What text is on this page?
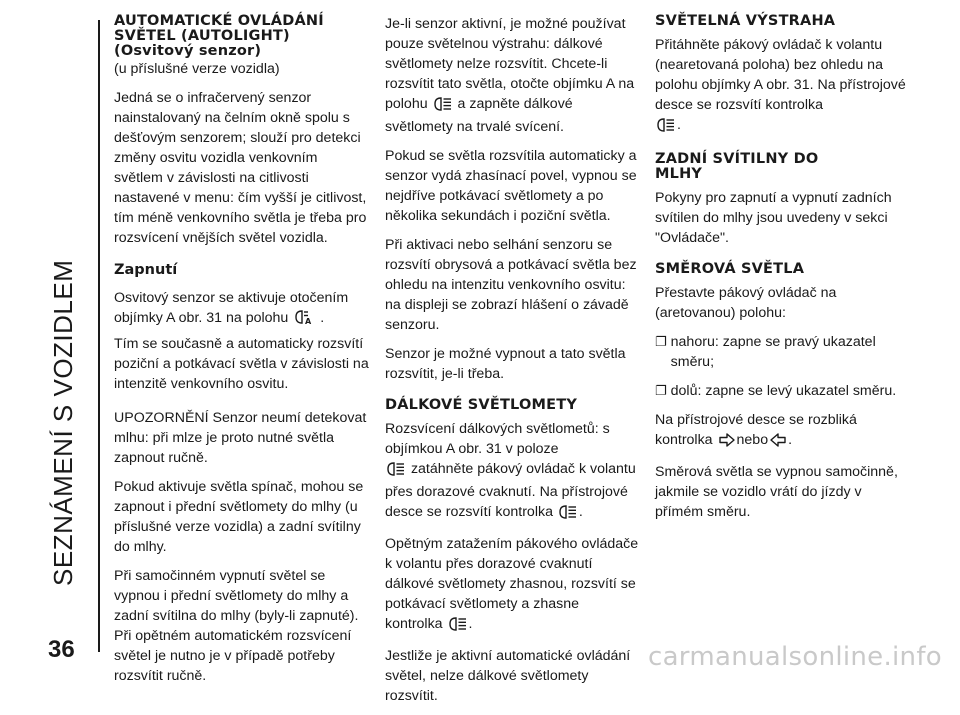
SEZNÁMENÍ S VOZIDLEM
36	carmanualsonline.info
AUTOMATICKÉ OVLÁDÁNÍ
SVĚTEL (AUTOLIGHT)
(Osvitový senzor)

(u příslušné verze vozidla)

Jedná se o infračervený senzor nainstalovaný na čelním okně spolu s dešťovým senzorem; slouží pro detekci změny osvitu vozidla venkovním světlem v závislosti na citlivosti nastavené v menu: čím vyšší je citlivost, tím méně venkovního světla je třeba pro rozsvícení vnějších světel vozidla.

Zapnutí

Osvitový senzor se aktivuje otočením objímky A obr. 31 na polohu A .

Tím se současně a automaticky rozsvítí poziční a potkávací světla v závislosti na intenzitě venkovního osvitu.

UPOZORNĚNÍ Senzor neumí detekovat mlhu: při mlze je proto nutné světla zapnout ručně.

Pokud aktivuje světla spínač, mohou se zapnout i přední světlomety do mlhy (u příslušné verze vozidla) a zadní svítilny do mlhy.

Při samočinném vypnutí světel se vypnou i přední světlomety do mlhy a zadní svítilna do mlhy (byly-li zapnuté). Při opětném automatickém rozsvícení světel je nutno je v případě potřeby rozsvítit ručně.

Je-li senzor aktivní, je možné používat pouze světelnou výstrahu: dálkové světlomety nelze rozsvítit. Chcete-li rozsvítit tato světla, otočte objímku A na polohu a zapněte dálkové světlomety na trvalé svícení.

Pokud se světla rozsvítila automaticky a senzor vydá zhasínací povel, vypnou se nejdříve potkávací světlomety a po několika sekundách i poziční světla.

Při aktivaci nebo selhání senzoru se rozsvítí obrysová a potkávací světla bez ohledu na intenzitu venkovního osvitu: na displeji se zobrazí hlášení o závadě senzoru.

Senzor je možné vypnout a tato světla rozsvítit, je-li třeba.

DÁLKOVÉ SVĚTLOMETY

Rozsvícení dálkových světlometů: s objímkou A obr. 31 v poloze
zatáhněte pákový ovládač k volantu přes dorazové cvaknutí. Na přístrojové desce se rozsvítí kontrolka .

Opětným zatažením pákového ovládače k volantu přes dorazové cvaknutí dálkové světlomety zhasnou, rozsvítí se potkávací světlomety a zhasne kontrolka .

Jestliže je aktivní automatické ovládání světel, nelze dálkové světlomety rozsvítit.

SVĚTELNÁ VÝSTRAHA

Přitáhněte pákový ovládač k volantu (nearetovaná poloha) bez ohledu na polohu objímky A obr. 31. Na přístrojové desce se rozsvítí kontrolka
.

ZADNÍ SVÍTILNY DO
MLHY

Pokyny pro zapnutí a vypnutí zadních svítilen do mlhy jsou uvedeny v sekci "Ovládače".

SMĚROVÁ SVĚTLA

Přestavte pákový ovládač na (aretovanou) polohu:

❐ nahoru: zapne se pravý ukazatel směru;
❐ dolů: zapne se levý ukazatel směru.

Na přístrojové desce se rozbliká kontrolka nebo .

Směrová světla se vypnou samočinně, jakmile se vozidlo vrátí do jízdy v přímém směru.
